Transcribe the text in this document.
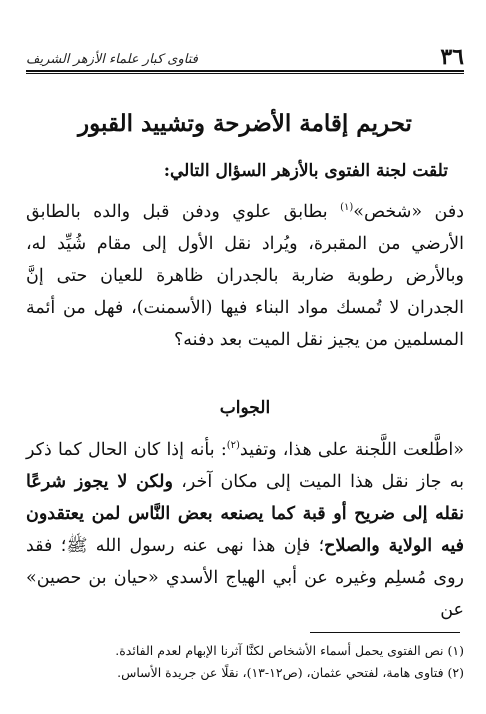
٣٦
فتاوى كبار علماء الأزهر الشريف
تحريم إقامة الأضرحة وتشييد القبور
تلقت لجنة الفتوى بالأزهر السؤال التالي:
دفن «شخص»$^{(١)}$ بطابق علوي ودفن قبل والده بالطابق الأرضي من المقبرة، ويُراد نقل الأول إلى مقام شُيِّد له، وبالأرض رطوبة ضاربة بالجدران ظاهرة للعيان حتى إنَّ الجدران لا تُمسك مواد البناء فيها (الأسمنت)، فهل من أئمة المسلمين من يجيز نقل الميت بعد دفنه؟
الجواب
«اطَّلعت اللَّجنة على هذا، وتفيد$^{(٢)}$: بأنه إذا كان الحال كما ذكر به جاز نقل هذا الميت إلى مكان آخر، ولكن لا يجوز شرعًا نقله إلى ضريح أو قبة كما يصنعه بعض النَّاس لمن يعتقدون فيه الولاية والصلاح؛ فإن هذا نهى عنه رسول الله ﷺ؛ فقد روى مُسلِم وغيره عن أبي الهياج الأسدي «حيان بن حصين» عن

(١) نص الفتوى يحمل أسماء الأشخاص لكنَّا آثرنا الإبهام لعدم الفائدة.

(٢) فتاوى هامة، لفتحي عثمان، (ص١٢-١٣)، نقلًا عن جريدة الأساس.
